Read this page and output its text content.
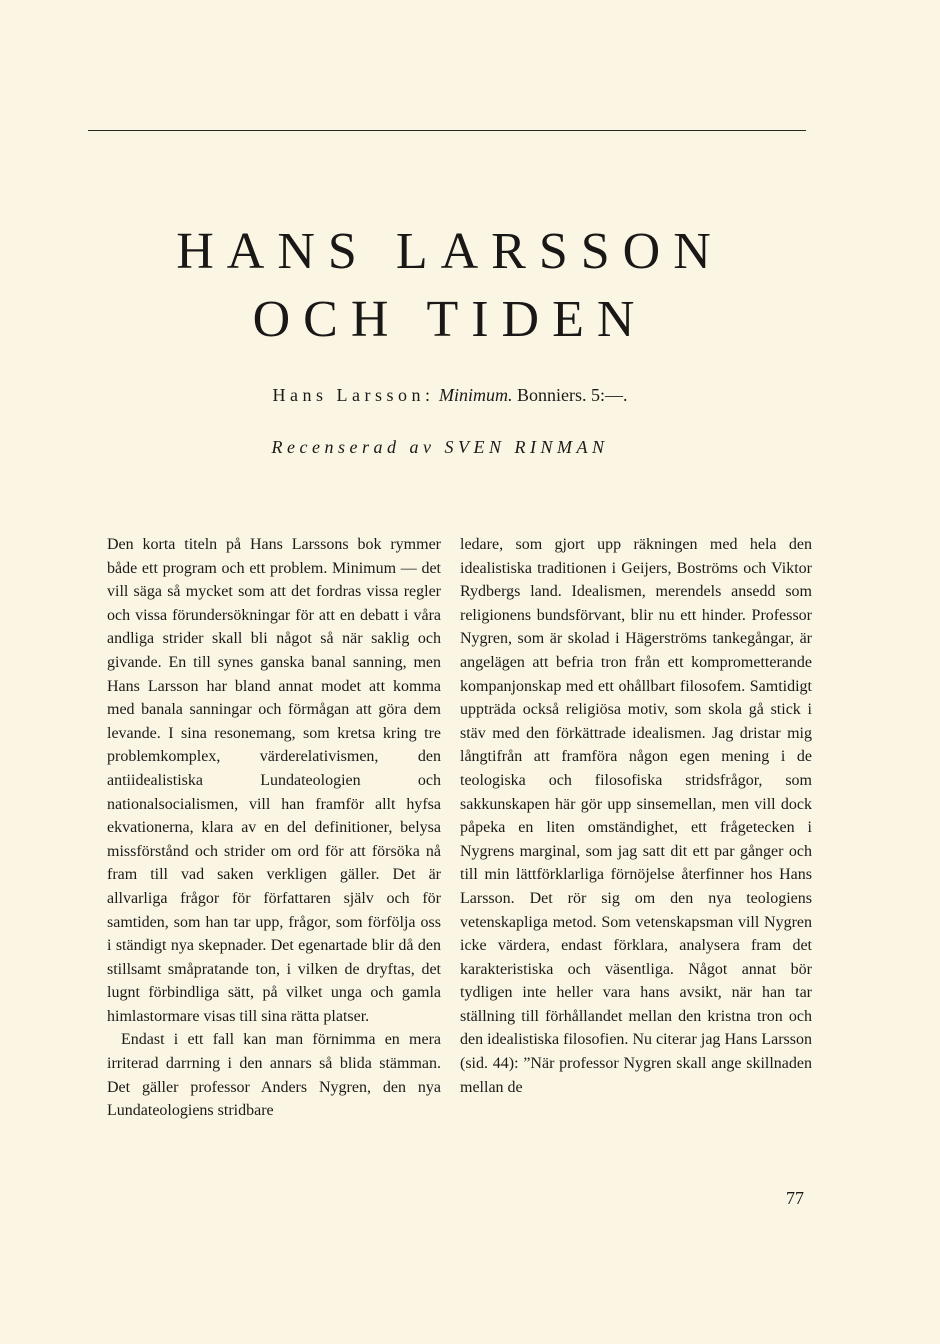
HANS LARSSON
OCH TIDEN
Hans Larsson: Minimum. Bonniers. 5:—.
Recenserad av SVEN RINMAN

Den korta titeln på Hans Larssons bok rymmer både ett program och ett problem. Minimum — det vill säga så mycket som att det fordras vissa regler och vissa förundersökningar för att en debatt i våra andliga strider skall bli något så när saklig och givande. En till synes ganska banal sanning, men Hans Larsson har bland annat modet att komma med banala sanningar och förmågan att göra dem levande. I sina resonemang, som kretsa kring tre problemkomplex, värderelativismen, den antiidealistiska Lundateologien och nationalsocialismen, vill han framför allt hyfsa ekvationerna, klara av en del definitioner, belysa missförstånd och strider om ord för att försöka nå fram till vad saken verkligen gäller. Det är allvarliga frågor för författaren själv och för samtiden, som han tar upp, frågor, som förfölja oss i ständigt nya skepnader. Det egenartade blir då den stillsamt småpratande ton, i vilken de dryftas, det lugnt förbindliga sätt, på vilket unga och gamla himlastormare visas till sina rätta platser.

Endast i ett fall kan man förnimma en mera irriterad darrning i den annars så blida stämman. Det gäller professor Anders Nygren, den nya Lundateologiens stridbare

ledare, som gjort upp räkningen med hela den idealistiska traditionen i Geijers, Boströms och Viktor Rydbergs land. Idealismen, merendels ansedd som religionens bundsförvant, blir nu ett hinder. Professor Nygren, som är skolad i Hägerströms tankegångar, är angelägen att befria tron från ett komprometterande kompanjonskap med ett ohållbart filosofem. Samtidigt uppträda också religiösa motiv, som skola gå stick i stäv med den förkättrade idealismen. Jag dristar mig långtifrån att framföra någon egen mening i de teologiska och filosofiska stridsfrågor, som sakkunskapen här gör upp sinsemellan, men vill dock påpeka en liten omständighet, ett frågetecken i Nygrens marginal, som jag satt dit ett par gånger och till min lättförklarliga förnöjelse återfinner hos Hans Larsson. Det rör sig om den nya teologiens vetenskapliga metod. Som vetenskapsman vill Nygren icke värdera, endast förklara, analysera fram det karakteristiska och väsentliga. Något annat bör tydligen inte heller vara hans avsikt, när han tar ställning till förhållandet mellan den kristna tron och den idealistiska filosofien. Nu citerar jag Hans Larsson (sid. 44): ”När professor Nygren skall ange skillnaden mellan de

77
